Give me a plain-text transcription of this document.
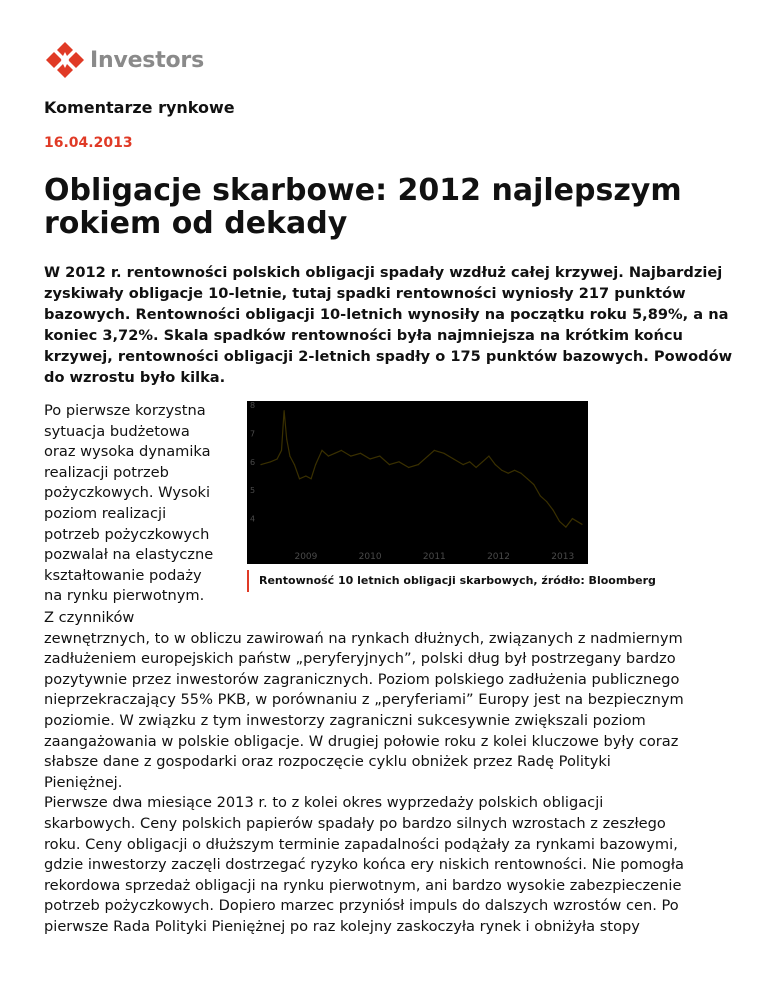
Investors
Komentarze rynkowe
16.04.2013
Obligacje skarbowe: 2012 najlepszym
rokiem od dekady

W 2012 r. rentowności polskich obligacji spadały wzdłuż całej krzywej. Najbardziej zyskiwały obligacje 10-letnie, tutaj spadki rentowności wyniosły 217 punktów bazowych. Rentowności obligacji 10-letnich wynosiły na początku roku 5,89%, a na koniec 3,72%. Skala spadków rentowności była najmniejsza na krótkim końcu krzywej, rentowności obligacji 2-letnich spadły o 175 punktów bazowych. Powodów do wzrostu było kilka.

Po pierwsze korzystna
sytuacja budżetowa
oraz wysoka dynamika
realizacji potrzeb
pożyczkowych. Wysoki
poziom realizacji
potrzeb pożyczkowych
pozwalał na elastyczne
kształtowanie podaży
na rynku pierwotnym.

8
7
6
5
4
2009	2010	2011	2012	2013
Rentowność 10 letnich obligacji skarbowych, źródło: Bloomberg

Z czynników

zewnętrznych, to w obliczu zawirowań na rynkach dłużnych, związanych z nadmiernym

zadłużeniem europejskich państw „peryferyjnych”, polski dług był postrzegany bardzo

pozytywnie przez inwestorów zagranicznych. Poziom polskiego zadłużenia publicznego

nieprzekraczający 55% PKB, w porównaniu z „peryferiami” Europy jest na bezpiecznym

poziomie. W związku z tym inwestorzy zagraniczni sukcesywnie zwiększali poziom

zaangażowania w polskie obligacje. W drugiej połowie roku z kolei kluczowe były coraz

słabsze dane z gospodarki oraz rozpoczęcie cyklu obniżek przez Radę Polityki

Pieniężnej.

Pierwsze dwa miesiące 2013 r. to z kolei okres wyprzedaży polskich obligacji

skarbowych. Ceny polskich papierów spadały po bardzo silnych wzrostach z zeszłego

roku. Ceny obligacji o dłuższym terminie zapadalności podążały za rynkami bazowymi,

gdzie inwestorzy zaczęli dostrzegać ryzyko końca ery niskich rentowności. Nie pomogła

rekordowa sprzedaż obligacji na rynku pierwotnym, ani bardzo wysokie zabezpieczenie

potrzeb pożyczkowych. Dopiero marzec przyniósł impuls do dalszych wzrostów cen. Po

pierwsze Rada Polityki Pieniężnej po raz kolejny zaskoczyła rynek i obniżyła stopy
